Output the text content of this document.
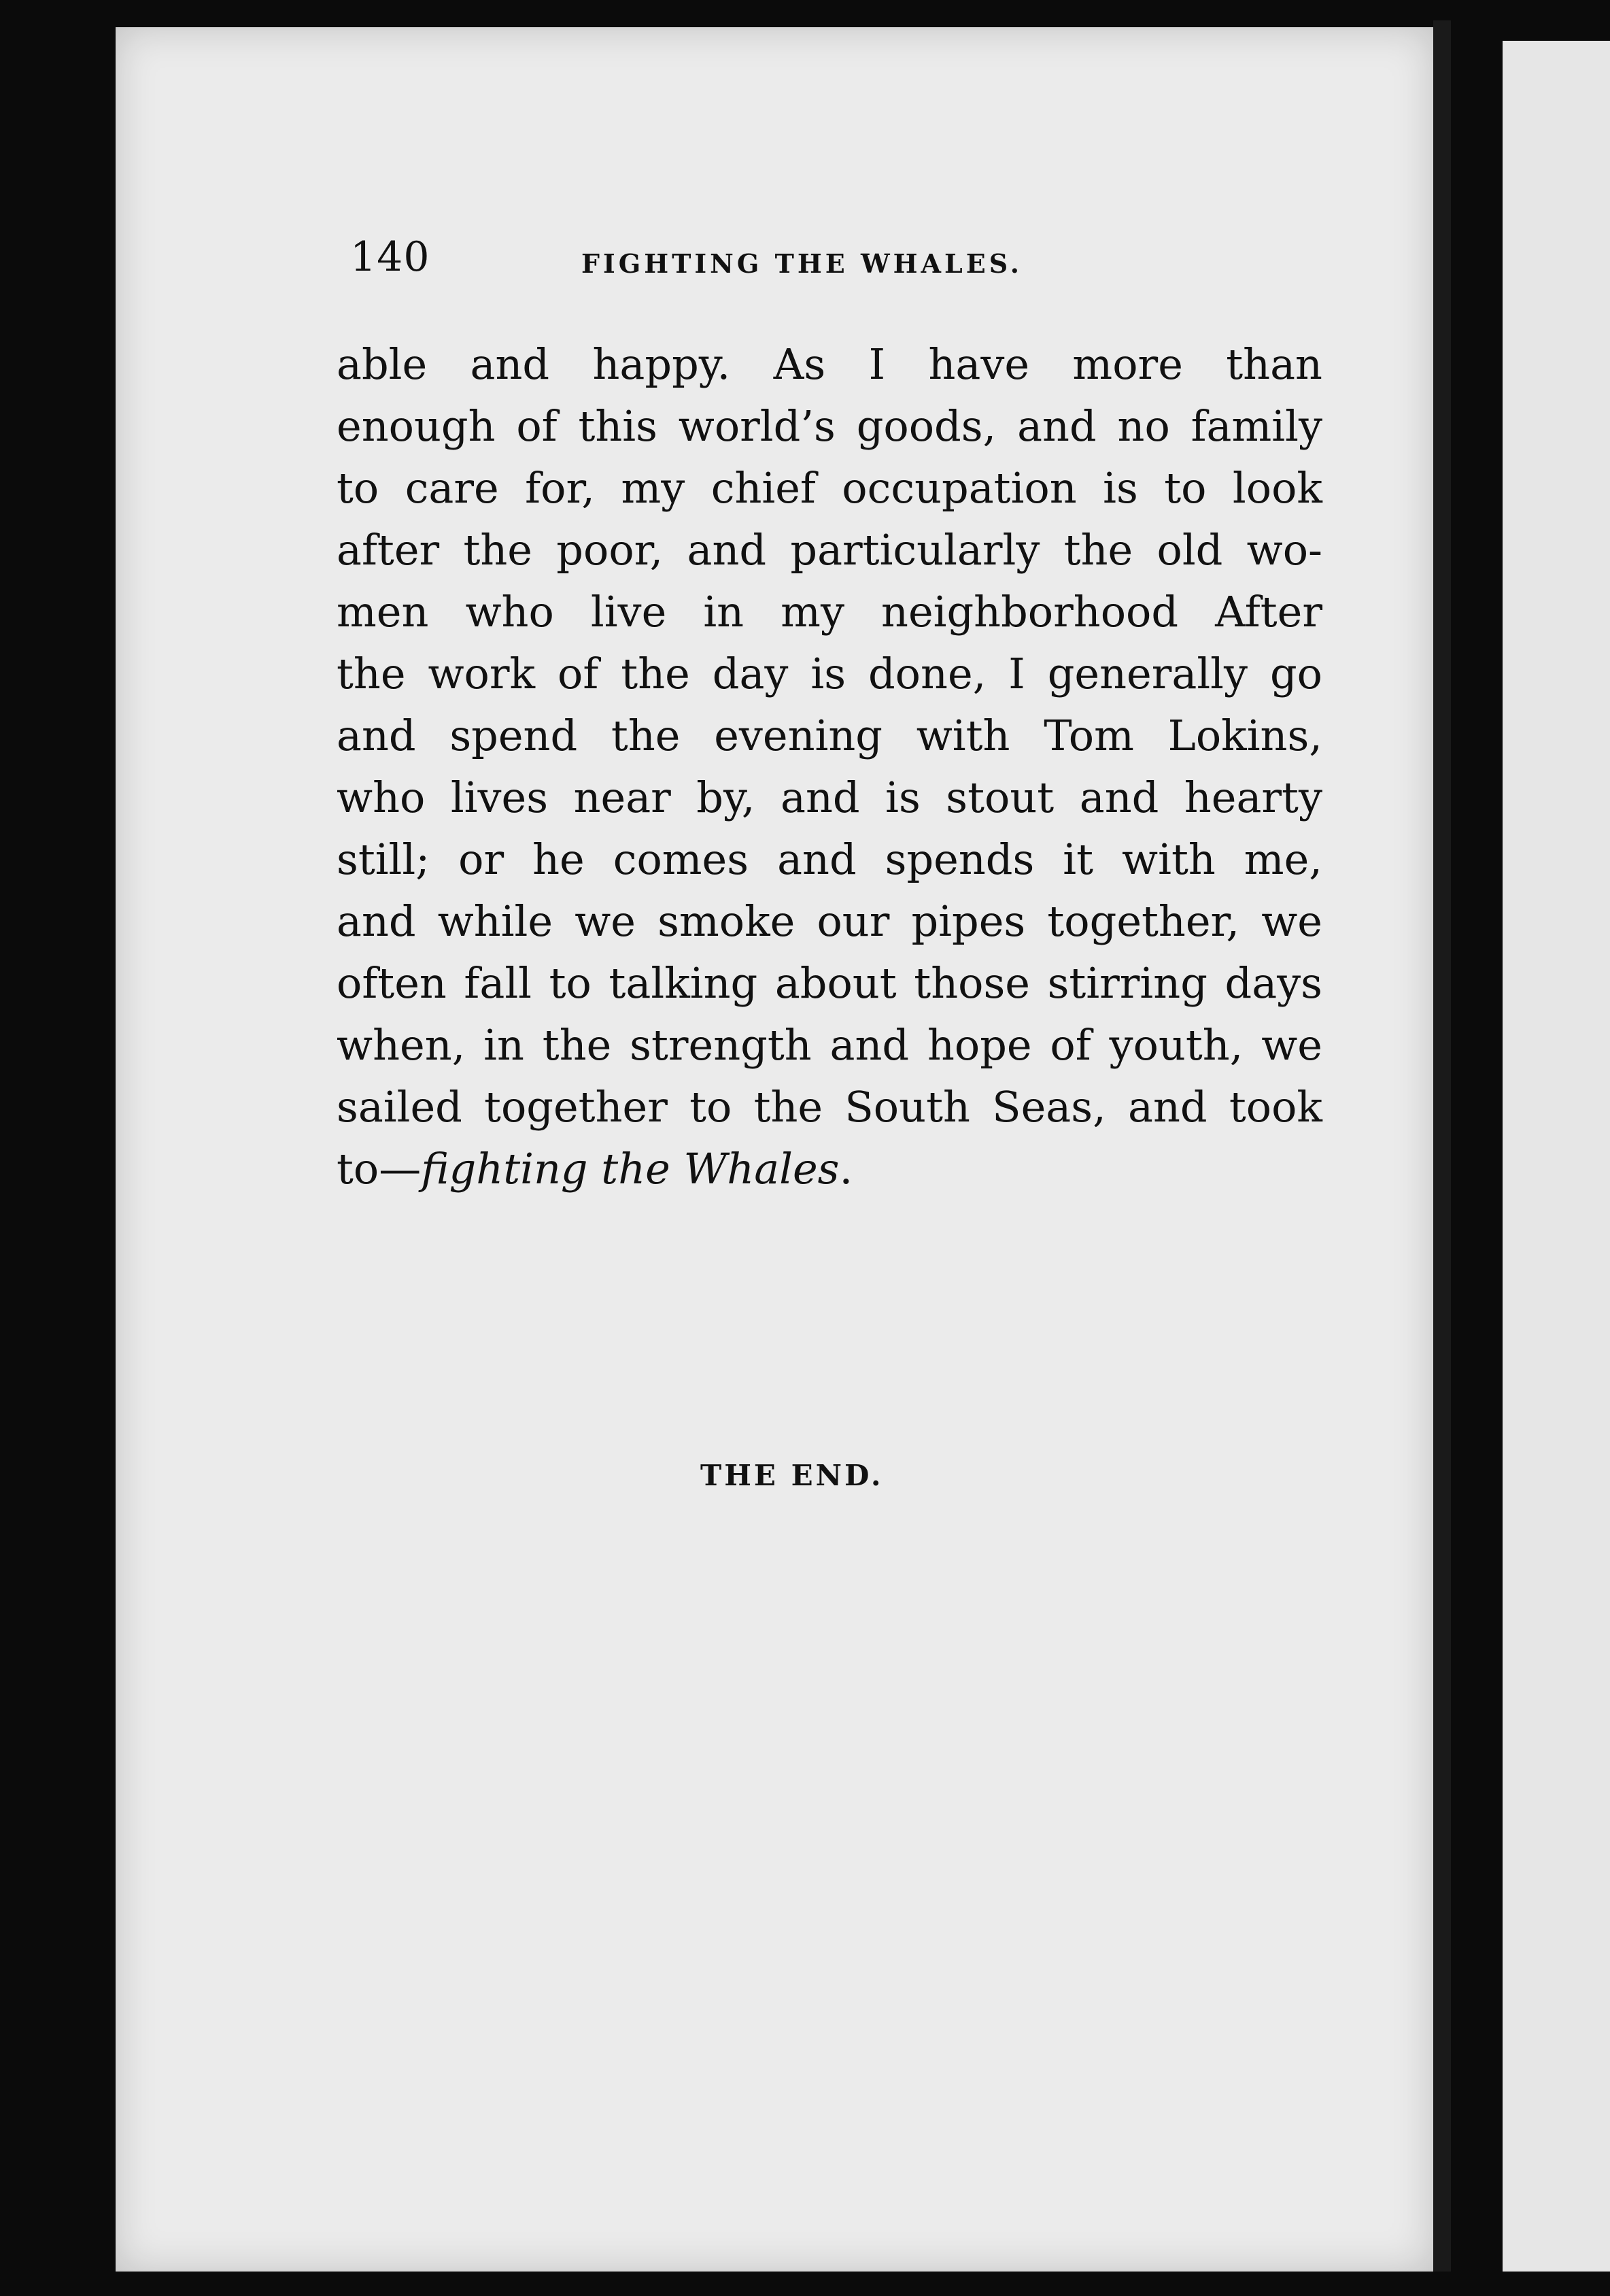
140	FIGHTING THE WHALES.
able and happy. As I have more than
enough of this world’s goods, and no family
to care for, my chief occupation is to look
after the poor, and particularly the old wo-
men who live in my neighborhood After
the work of the day is done, I generally go
and spend the evening with Tom Lokins,
who lives near by, and is stout and hearty
still; or he comes and spends it with me,
and while we smoke our pipes together, we
often fall to talking about those stirring days
when, in the strength and hope of youth, we
sailed together to the South Seas, and took
to—fighting the Whales.
THE END.
